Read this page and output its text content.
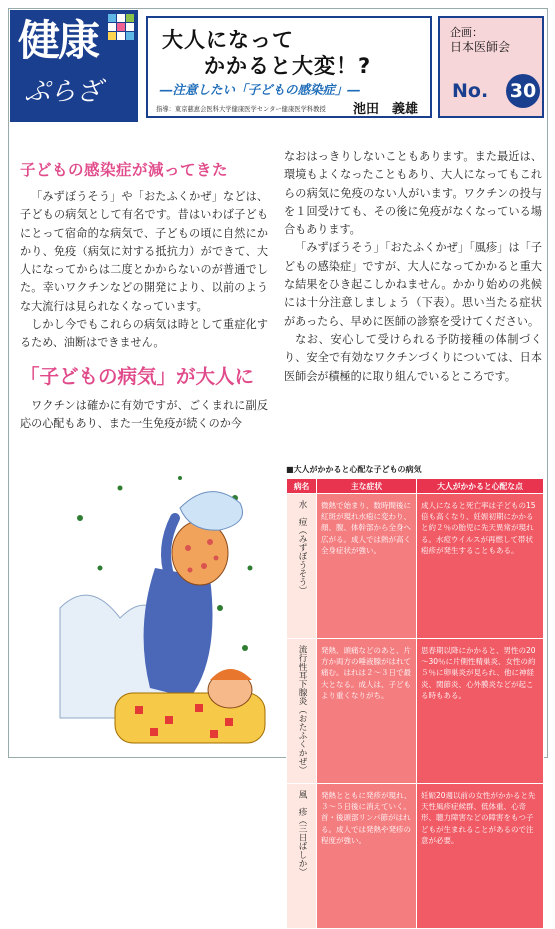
健康
ぷらざ
大人になって
かかると大変！?
―注意したい「子どもの感染症」―
指導：東京慈恵会医科大学健康医学センター健康医学科教授 池田　義雄
企画：
日本医師会
No. 30
子どもの感染症が減ってきた

「みずぼうそう」や「おたふくかぜ」などは、子どもの病気として有名です。昔はいわば子どもにとって宿命的な病気で、子どもの頃に自然にかかり、免疫（病気に対する抵抗力）ができて、大人になってからは二度とかからないのが普通でした。幸いワクチンなどの開発により、以前のような大流行は見られなくなっています。

しかし今でもこれらの病気は時として重症化するため、油断はできません。

「子どもの病気」が大人に

ワクチンは確かに有効ですが、ごくまれに副反応の心配もあり、また一生免疫が続くのか今

なおはっきりしないこともあります。また最近は、環境もよくなったこともあり、大人になってもこれらの病気に免疫のない人がいます。ワクチンの投与を１回受けても、その後に免疫がなくなっている場合もあります。

「みずぼうそう」「おたふくかぜ」「風疹」は「子どもの感染症」ですが、大人になってかかると重大な結果をひき起こしかねません。かかり始めの兆候には十分注意しましょう（下表）。思い当たる症状があったら、早めに医師の診察を受けてください。

なお、安心して受けられる予防接種の体制づくり、安全で有効なワクチンづくりについては、日本医師会が積極的に取り組んでいるところです。

■大人がかかると心配な子どもの病気
病名	主な症状	大人がかかると心配な点

水　痘（みずぼうそう）	微熱で始まり、数時間後に紅斑が現れ水疱に変わり、顔、腹、体幹部から全身へ広がる。成人では熱が高く全身症状が強い。	成人になると死亡率は子どもの15倍も高くなり、妊娠初期にかかると約２％の胎児に先天異常が現れる。水痘ウイルスが再燃して帯状疱疹が発生することもある。

流行性耳下腺炎（おたふくかぜ）	発熱、頭痛などのあと、片方か両方の唾液腺がはれて痛む。はれは２～３日で最大となる。成人は、子どもより重くなりがち。	思春期以降にかかると、男性の20～30％に片側性精巣炎、女性の約５％に卵巣炎が見られ、他に神経炎、関節炎、心外膜炎などが起こる時もある。

風　疹（三日ばしか）	発熱とともに発疹が現れ、３～５日後に消えていく。首・後頭部リンパ節がはれる。成人では発熱や発疹の程度が強い。	妊娠20週以前の女性がかかると先天性風疹症候群、低体重、心奇形、聴力障害などの障害をもつ子どもが生まれることがあるので注意が必要。
